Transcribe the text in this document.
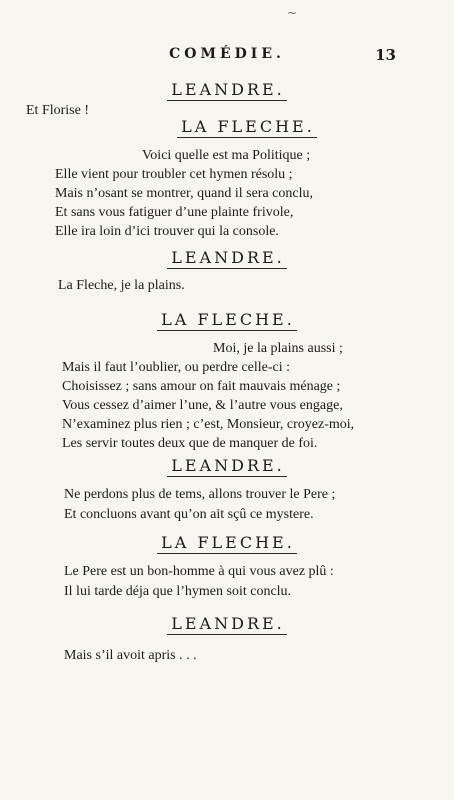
~
COMÉDIE.	13
LEANDRE.
Et Florise !
LA FLECHE.
Voici quelle est ma Politique ;
Elle vient pour troubler cet hymen résolu ;
Mais n’osant se montrer, quand il sera conclu,
Et sans vous fatiguer d’une plainte frivole,
Elle ira loin d’ici trouver qui la console.
LEANDRE.
La Fleche, je la plains.
LA FLECHE.
Moi, je la plains aussi ;
Mais il faut l’oublier, ou perdre celle-ci :
Choisissez ; sans amour on fait mauvais ménage ;
Vous cessez d’aimer l’une, & l’autre vous engage,
N’examinez plus rien ; c’est, Monsieur, croyez-moi,
Les servir toutes deux que de manquer de foi.
LEANDRE.
Ne perdons plus de tems, allons trouver le Pere ;
Et concluons avant qu’on ait sçû ce mystere.
LA FLECHE.
Le Pere est un bon-homme à qui vous avez plû :
Il lui tarde déja que l’hymen soit conclu.
LEANDRE.
Mais s’il avoit apris . . .
